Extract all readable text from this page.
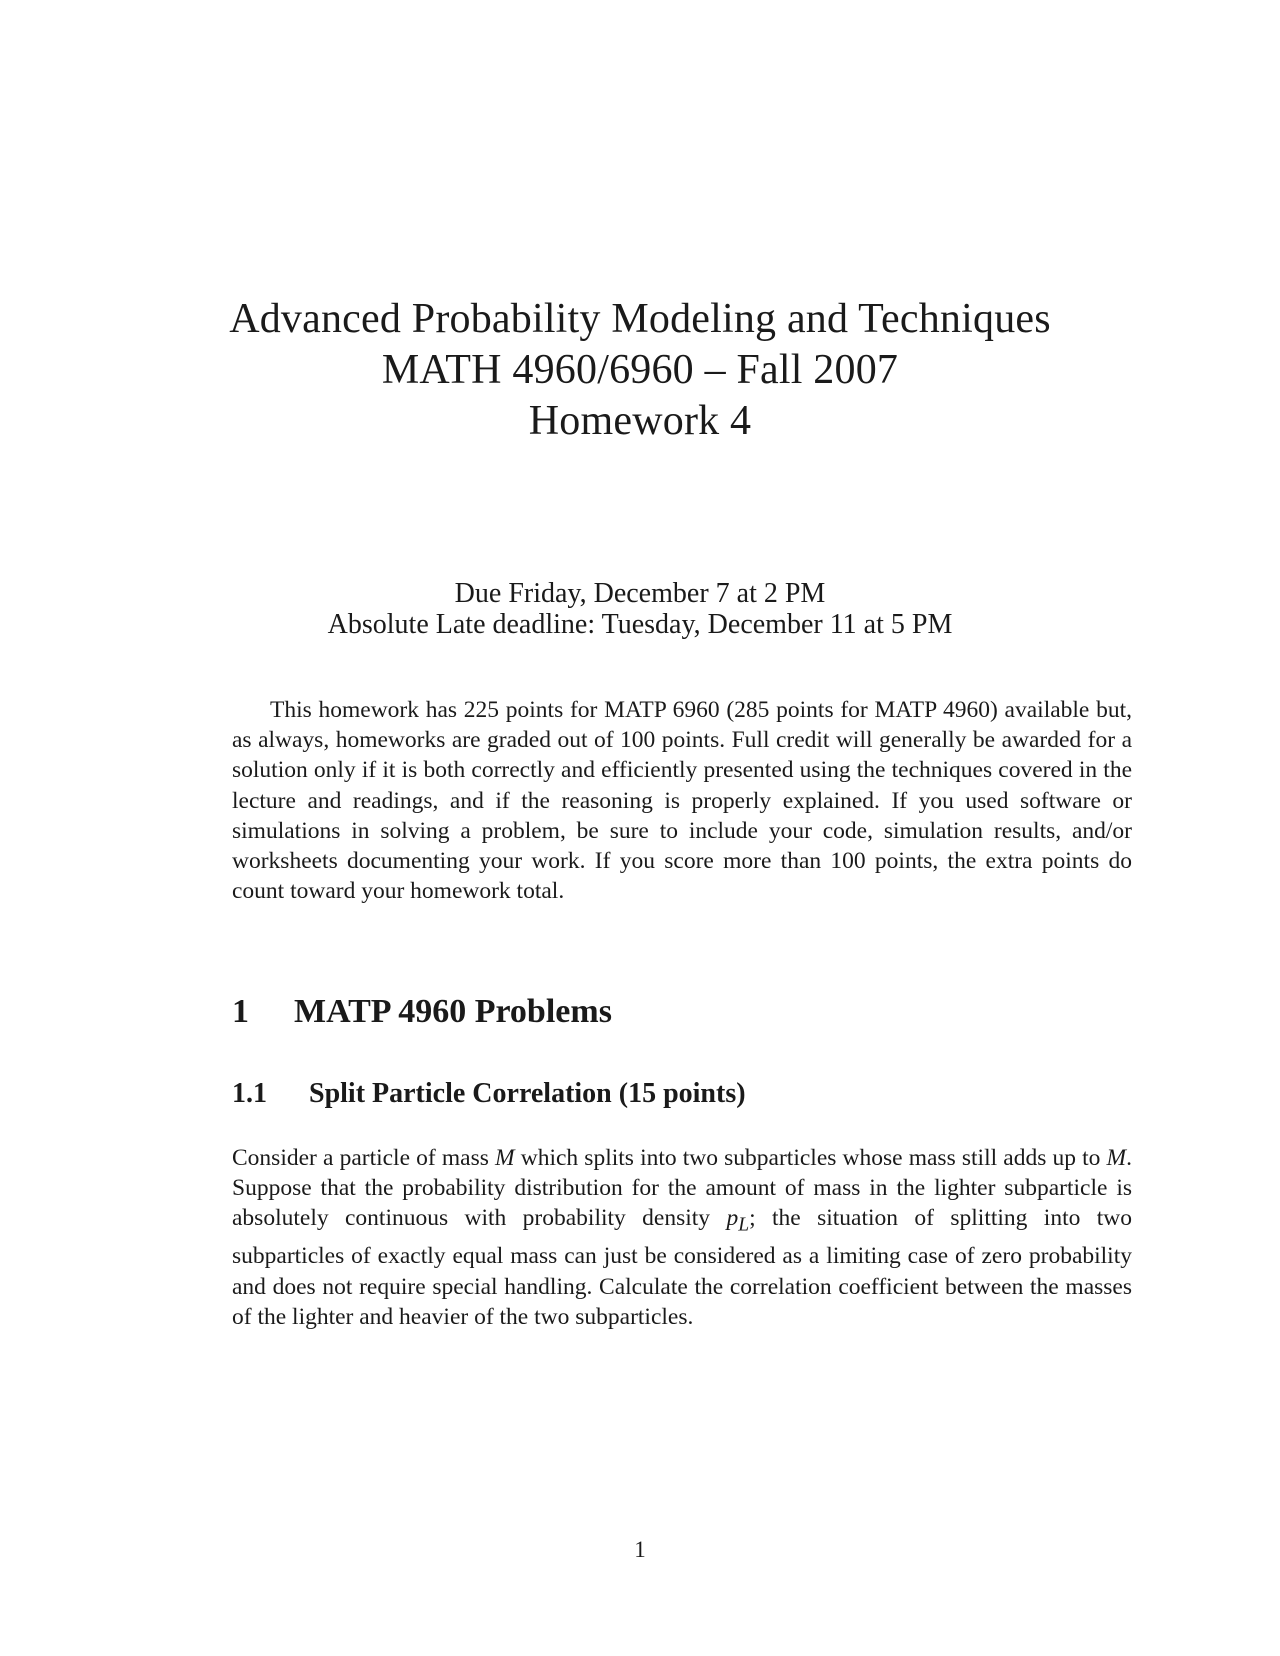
Advanced Probability Modeling and Techniques
MATH 4960/6960 – Fall 2007
Homework 4
Due Friday, December 7 at 2 PM
Absolute Late deadline: Tuesday, December 11 at 5 PM

This homework has 225 points for MATP 6960 (285 points for MATP 4960) available but, as always, homeworks are graded out of 100 points. Full credit will generally be awarded for a solution only if it is both correctly and efficiently presented using the techniques covered in the lecture and readings, and if the reasoning is properly explained. If you used software or simulations in solving a problem, be sure to include your code, simulation results, and/or worksheets documenting your work. If you score more than 100 points, the extra points do count toward your homework total.

1 MATP 4960 Problems
1.1 Split Particle Correlation (15 points)

Consider a particle of mass M which splits into two subparticles whose mass still adds up to M. Suppose that the probability distribution for the amount of mass in the lighter subparticle is absolutely continuous with probability density $p_L$; the situation of splitting into two subparticles of exactly equal mass can just be considered as a limiting case of zero probability and does not require special handling. Calculate the correlation coefficient between the masses of the lighter and heavier of the two subparticles.

1
